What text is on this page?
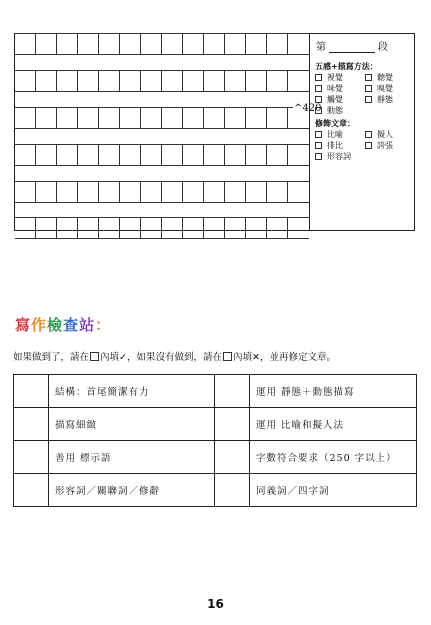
^420
第	段
五感+描寫方法：
視覺	聽覺
味覺	嗅覺
觸覺	靜態
動態
修飾文章：
比喻	擬人
排比	誇張
形容詞
寫作檢查站：
如果做到了，請在 內填✓，如果沒有做到，請在 內填✕，並再修定文章。
	結構：首尾簡潔有力		運用 靜態＋動態描寫
	描寫細緻		運用 比喻和擬人法
	善用 標示語		字數符合要求（250 字以上）
	形容詞／關聯詞／修辭		同義詞／四字詞
16
